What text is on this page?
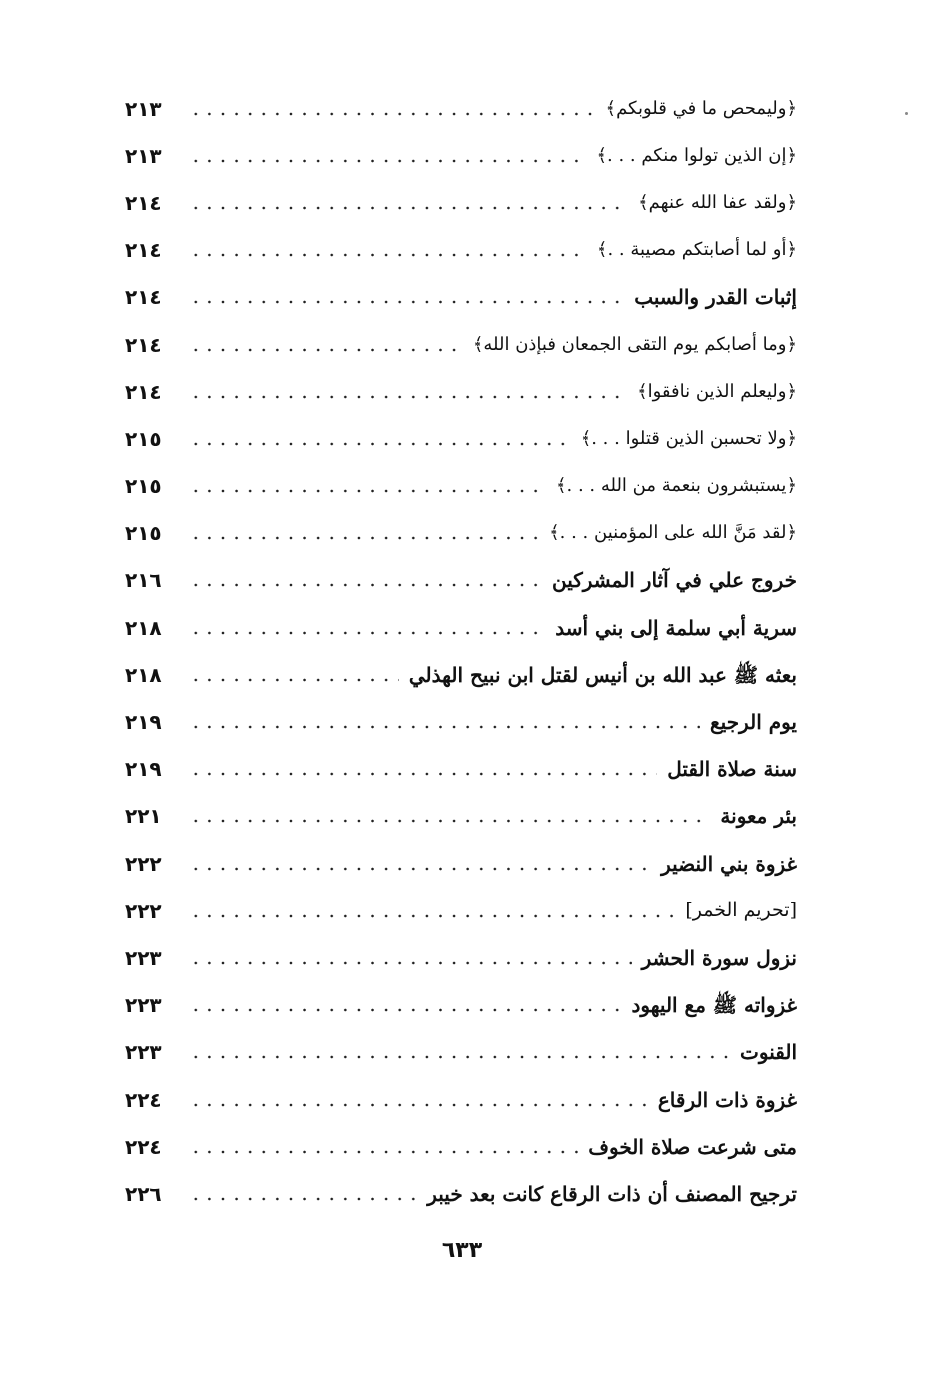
﴿وليمحص ما في قلوبكم﴾
٢١٣
﴿إن الذين تولوا منكم . . .﴾
٢١٣
﴿ولقد عفا الله عنهم﴾
٢١٤
﴿أو لما أصابتكم مصيبة . .﴾
٢١٤
إثبات القدر والسبب
٢١٤
﴿وما أصابكم يوم التقى الجمعان فبإذن الله﴾
٢١٤
﴿وليعلم الذين نافقوا﴾
٢١٤
﴿ولا تحسبن الذين قتلوا . . .﴾
٢١٥
﴿يستبشرون بنعمة من الله . . .﴾
٢١٥
﴿لقد مَنَّ الله على المؤمنين . . .﴾
٢١٥
خروج علي في آثار المشركين
٢١٦
سرية أبي سلمة إلى بني أسد
٢١٨
بعثه ﷺ عبد الله بن أنيس لقتل ابن نبيح الهذلي
٢١٨
يوم الرجيع
٢١٩
سنة صلاة القتل
٢١٩
بئر معونة
٢٢١
غزوة بني النضير
٢٢٢
[تحريم الخمر]
٢٢٢
نزول سورة الحشر
٢٢٣
غزواته ﷺ مع اليهود
٢٢٣
القنوت
٢٢٣
غزوة ذات الرقاع
٢٢٤
متى شرعت صلاة الخوف
٢٢٤
ترجيح المصنف أن ذات الرقاع كانت بعد خيبر
٢٢٦
٦٣٣
